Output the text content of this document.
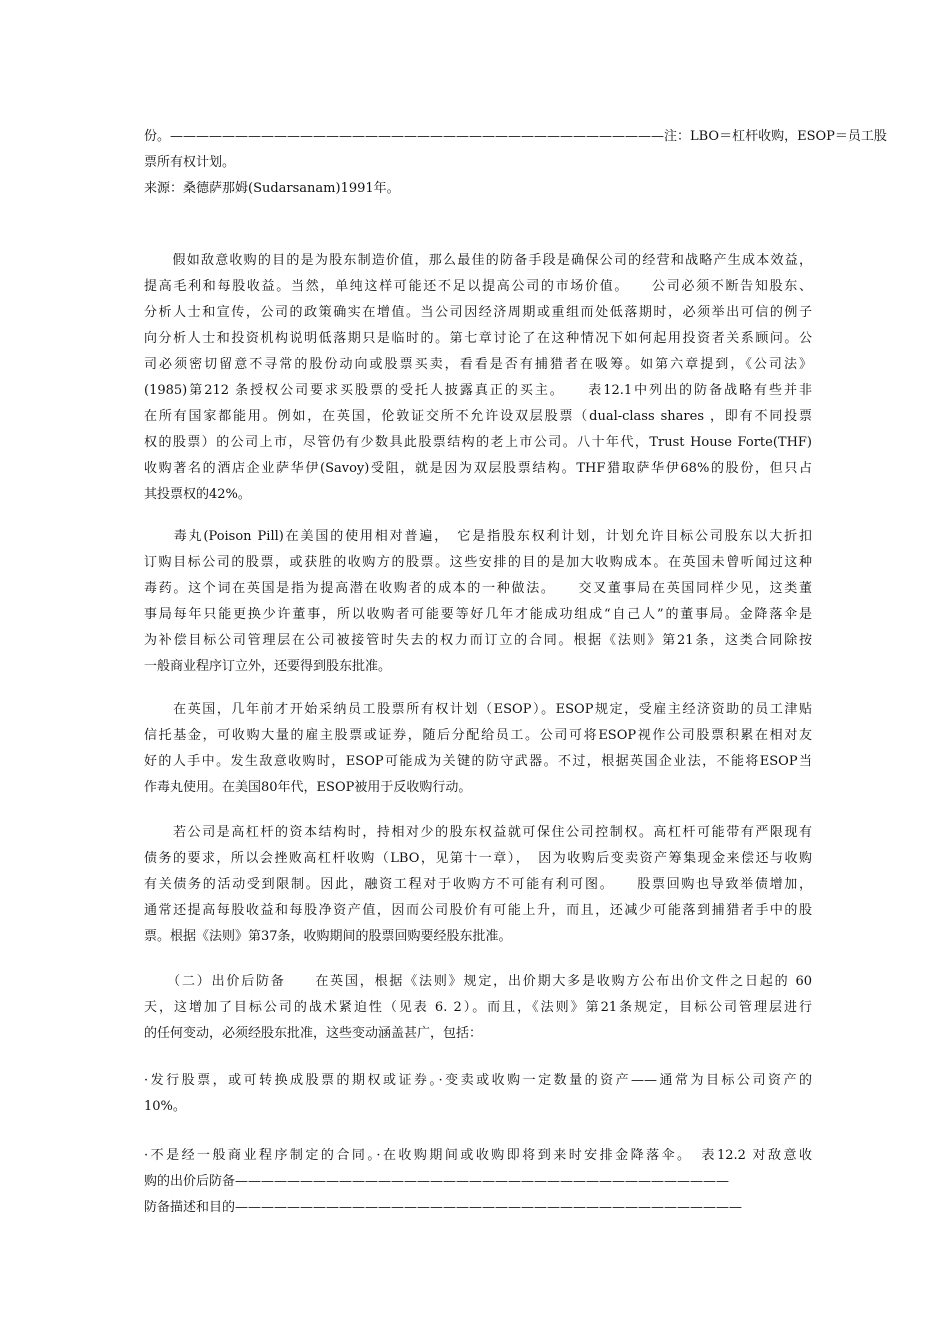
份。——————————————————————————————————————注：LBO＝杠杆收购，ESOP＝员工股
票所有权计划。
来源：桑德萨那姆(Sudarsanam)1991年。
　　假如敌意收购的目的是为股东制造价值，那么最佳的防备手段是确保公司的经营和战略产生成本效益，
提高毛利和每股收益。当然，单纯这样可能还不足以提高公司的市场价值。　　公司必须不断告知股东、
分析人士和宣传，公司的政策确实在增值。当公司因经济周期或重组而处低落期时，必须举出可信的例子
向分析人士和投资机构说明低落期只是临时的。第七章讨论了在这种情况下如何起用投资者关系顾问。公
司必须密切留意不寻常的股份动向或股票买卖，看看是否有捕猎者在吸筹。如第六章提到，《公司法》
(1985)第212 条授权公司要求买股票的受托人披露真正的买主。　　表12.1中列出的防备战略有些并非
在所有国家都能用。例如，在英国，伦敦证交所不允许设双层股票（dual-class shares ，即有不同投票
权的股票）的公司上市，尽管仍有少数具此股票结构的老上市公司。八十年代，Trust House Forte(THF)
收购著名的酒店企业萨华伊(Savoy)受阻，就是因为双层股票结构。THF猎取萨华伊68%的股份，但只占
其投票权的42%。
　　毒丸(Poison Pill)在美国的使用相对普遍，　它是指股东权利计划，计划允许目标公司股东以大折扣
订购目标公司的股票，或获胜的收购方的股票。这些安排的目的是加大收购成本。在英国未曾听闻过这种
毒药。这个词在英国是指为提高潜在收购者的成本的一种做法。　　交叉董事局在英国同样少见，这类董
事局每年只能更换少许董事，所以收购者可能要等好几年才能成功组成“自己人”的董事局。金降落伞是
为补偿目标公司管理层在公司被接管时失去的权力而订立的合同。根据《法则》第21条，这类合同除按
一般商业程序订立外，还要得到股东批准。
　　在英国，几年前才开始采纳员工股票所有权计划（ESOP）。ESOP规定，受雇主经济资助的员工津贴
信托基金，可收购大量的雇主股票或证券，随后分配给员工。公司可将ESOP视作公司股票积累在相对友
好的人手中。发生敌意收购时，ESOP可能成为关键的防守武器。不过，根据英国企业法，不能将ESOP当
作毒丸使用。在美国80年代，ESOP被用于反收购行动。
　　若公司是高杠杆的资本结构时，持相对少的股东权益就可保住公司控制权。高杠杆可能带有严限现有
债务的要求，所以会挫败高杠杆收购（LBO，见第十一章），　因为收购后变卖资产筹集现金来偿还与收购
有关债务的活动受到限制。因此，融资工程对于收购方不可能有利可图。　　股票回购也导致举债增加，
通常还提高每股收益和每股净资产值，因而公司股价有可能上升，而且，还减少可能落到捕猎者手中的股
票。根据《法则》第37条，收购期间的股票回购要经股东批准。
　　（二）出价后防备　　在英国，根据《法则》规定，出价期大多是收购方公布出价文件之日起的 60
天，这增加了目标公司的战术紧迫性（见表 6. 2）。而且，《法则》第21条规定，目标公司管理层进行
的任何变动，必须经股东批准，这些变动涵盖甚广，包括：
·发行股票，或可转换成股票的期权或证券。·变卖或收购一定数量的资产——通常为目标公司资产的
10%。
·不是经一般商业程序制定的合同。·在收购期间或收购即将到来时安排金降落伞。　表12.2 对敌意收
购的出价后防备——————————————————————————————————————
防备描述和目的———————————————————————————————————————
